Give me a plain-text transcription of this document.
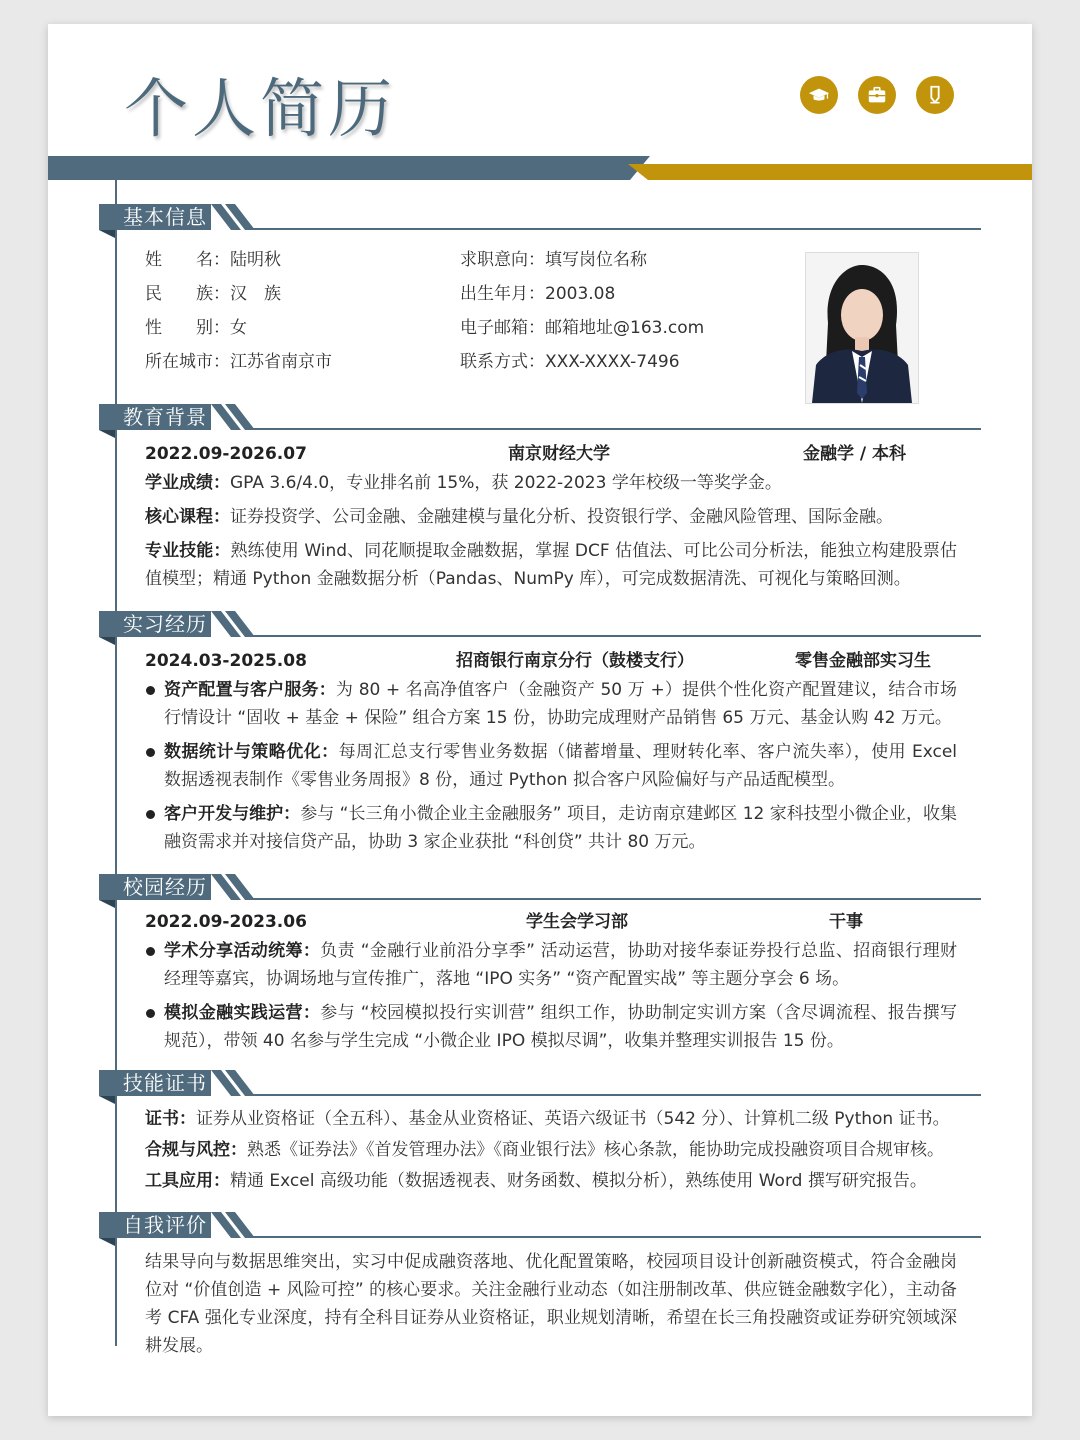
个人简历
基本信息
姓　　名：陆明秋
民　　族：汉　族
性　　别：女
所在城市：江苏省南京市
求职意向：填写岗位名称
出生年月：2003.08
电子邮箱：邮箱地址@163.com
联系方式：XXX-XXXX-7496
教育背景
2022.09-2026.07	南京财经大学	金融学 / 本科
学业成绩：GPA 3.6/4.0，专业排名前 15%，获 2022-2023 学年校级一等奖学金。
核心课程：证券投资学、公司金融、金融建模与量化分析、投资银行学、金融风险管理、国际金融。
专业技能：熟练使用 Wind、同花顺提取金融数据，掌握 DCF 估值法、可比公司分析法，能独立构建股票估值模型；精通 Python 金融数据分析（Pandas、NumPy 库），可完成数据清洗、可视化与策略回测。
实习经历
2024.03-2025.08	招商银行南京分行（鼓楼支行）	零售金融部实习生
资产配置与客户服务：为 80 + 名高净值客户（金融资产 50 万 +）提供个性化资产配置建议，结合市场行情设计 “固收 + 基金 + 保险” 组合方案 15 份，协助完成理财产品销售 65 万元、基金认购 42 万元。
数据统计与策略优化：每周汇总支行零售业务数据（储蓄增量、理财转化率、客户流失率），使用 Excel 数据透视表制作《零售业务周报》8 份，通过 Python 拟合客户风险偏好与产品适配模型。
客户开发与维护：参与 “长三角小微企业主金融服务” 项目，走访南京建邺区 12 家科技型小微企业，收集融资需求并对接信贷产品，协助 3 家企业获批 “科创贷” 共计 80 万元。
校园经历
2022.09-2023.06	学生会学习部	干事
学术分享活动统筹：负责 “金融行业前沿分享季” 活动运营，协助对接华泰证券投行总监、招商银行理财经理等嘉宾，协调场地与宣传推广，落地 “IPO 实务” “资产配置实战” 等主题分享会 6 场。
模拟金融实践运营：参与 “校园模拟投行实训营” 组织工作，协助制定实训方案（含尽调流程、报告撰写规范），带领 40 名参与学生完成 “小微企业 IPO 模拟尽调”，收集并整理实训报告 15 份。
技能证书
证书：证券从业资格证（全五科）、基金从业资格证、英语六级证书（542 分）、计算机二级 Python 证书。
合规与风控：熟悉《证券法》《首发管理办法》《商业银行法》核心条款，能协助完成投融资项目合规审核。
工具应用：精通 Excel 高级功能（数据透视表、财务函数、模拟分析），熟练使用 Word 撰写研究报告。
自我评价
结果导向与数据思维突出，实习中促成融资落地、优化配置策略，校园项目设计创新融资模式，符合金融岗位对 “价值创造 + 风险可控” 的核心要求。关注金融行业动态（如注册制改革、供应链金融数字化），主动备考 CFA 强化专业深度，持有全科目证券从业资格证，职业规划清晰，希望在长三角投融资或证券研究领域深耕发展。
